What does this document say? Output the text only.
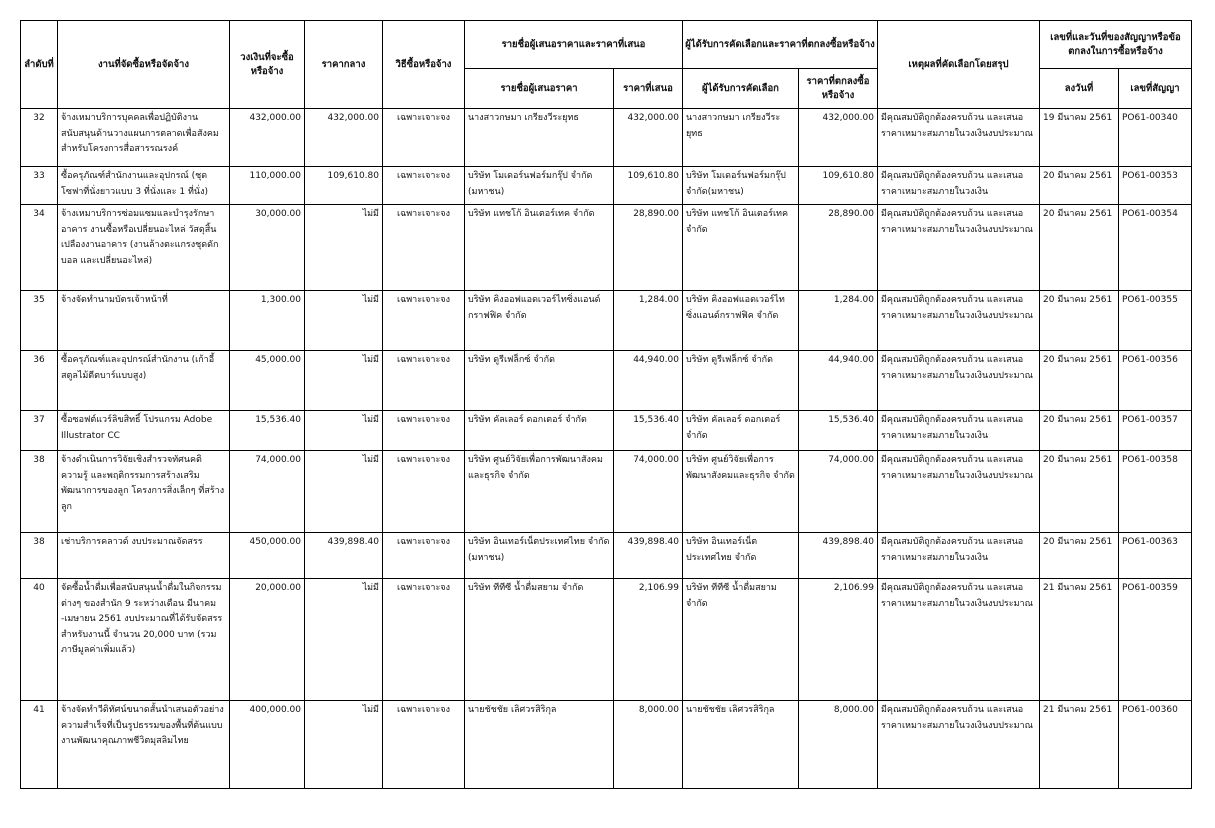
ลำดับที่	งานที่จัดซื้อหรือจัดจ้าง	วงเงินที่จะซื้อหรือจ้าง	ราคากลาง	วิธีซื้อหรือจ้าง	รายชื่อผู้เสนอราคาและราคาที่เสนอ		ผู้ได้รับการคัดเลือกและราคาที่ตกลงซื้อหรือจ้าง		เหตุผลที่คัดเลือกโดยสรุป	เลขที่และวันที่ของสัญญาหรือข้อตกลงในการซื้อหรือจ้าง	
					รายชื่อผู้เสนอราคา	ราคาที่เสนอ	ผู้ได้รับการคัดเลือก	ราคาที่ตกลงซื้อหรือจ้าง		ลงวันที่	เลขที่สัญญา
32	จ้างเหมาบริการบุคคลเพื่อปฏิบัติงานสนับสนุนด้านวางแผนการตลาดเพื่อสังคมสำหรับโครงการสื่อสารรณรงค์	432,000.00	432,000.00	เฉพาะเจาะจง	นางสาวกษมา เกรียงวีระยุทธ	432,000.00	นางสาวกษมา เกรียงวีระยุทธ	432,000.00	มีคุณสมบัติถูกต้องครบถ้วน และเสนอราคาเหมาะสมภายในวงเงินงบประมาณ	19 มีนาคม 2561	PO61-00340
33	ซื้อครุภัณฑ์สำนักงานและอุปกรณ์ (ชุดโซฟาที่นั่งยาวแบบ 3 ที่นั่งและ 1 ที่นั่ง)	110,000.00	109,610.80	เฉพาะเจาะจง	บริษัท โมเดอร์นฟอร์มกรุ๊ป จำกัด (มหาชน)	109,610.80	บริษัท โมเดอร์นฟอร์มกรุ๊ป จำกัด(มหาชน)	109,610.80	มีคุณสมบัติถูกต้องครบถ้วน และเสนอราคาเหมาะสมภายในวงเงิน	20 มีนาคม 2561	PO61-00353
34	จ้างเหมาบริการซ่อมแซมและบำรุงรักษาอาคาร งานซื้อหรือเปลี่ยนอะไหล่ วัสดุสิ้นเปลืองงานอาคาร (งานล้างตะแกรงชุดดักบอล และเปลี่ยนอะไหล่)	30,000.00	ไม่มี	เฉพาะเจาะจง	บริษัท แทชโก้ อินเตอร์เทค จำกัด	28,890.00	บริษัท แทชโก้ อินเตอร์เทค จำกัด	28,890.00	มีคุณสมบัติถูกต้องครบถ้วน และเสนอราคาเหมาะสมภายในวงเงินงบประมาณ	20 มีนาคม 2561	PO61-00354
35	จ้างจัดทำนามบัตรเจ้าหน้าที่	1,300.00	ไม่มี	เฉพาะเจาะจง	บริษัท คิงออฟแอดเวอร์ไทซิ่งแอนด์กราฟฟิค จำกัด	1,284.00	บริษัท คิงออฟแอดเวอร์ไทซิ่งแอนด์กราฟฟิค จำกัด	1,284.00	มีคุณสมบัติถูกต้องครบถ้วน และเสนอราคาเหมาะสมภายในวงเงินงบประมาณ	20 มีนาคม 2561	PO61-00355
36	ซื้อครุภัณฑ์และอุปกรณ์สำนักงาน (เก้าอี้สตูลไม้ตีตบาร์แบบสูง)	45,000.00	ไม่มี	เฉพาะเจาะจง	บริษัท ดูรีเฟล็กซ์ จำกัด	44,940.00	บริษัท ดูรีเฟล็กซ์ จำกัด	44,940.00	มีคุณสมบัติถูกต้องครบถ้วน และเสนอราคาเหมาะสมภายในวงเงินงบประมาณ	20 มีนาคม 2561	PO61-00356
37	ซื้อซอฟต์แวร์ลิขสิทธิ์ โปรแกรม Adobe Illustrator CC	15,536.40	ไม่มี	เฉพาะเจาะจง	บริษัท คัลเลอร์ ดอกเตอร์ จำกัด	15,536.40	บริษัท คัลเลอร์ ดอกเตอร์ จำกัด	15,536.40	มีคุณสมบัติถูกต้องครบถ้วน และเสนอราคาเหมาะสมภายในวงเงิน	20 มีนาคม 2561	PO61-00357
38	จ้างดำเนินการวิจัยเชิงสำรวจทัศนคติ ความรู้ และพฤติกรรมการสร้างเสริมพัฒนาการของลูก โครงการสิ่งเล็กๆ ที่สร้างลูก	74,000.00	ไม่มี	เฉพาะเจาะจง	บริษัท ศูนย์วิจัยเพื่อการพัฒนาสังคมและธุรกิจ จำกัด	74,000.00	บริษัท ศูนย์วิจัยเพื่อการพัฒนาสังคมและธุรกิจ จำกัด	74,000.00	มีคุณสมบัติถูกต้องครบถ้วน และเสนอราคาเหมาะสมภายในวงเงินงบประมาณ	20 มีนาคม 2561	PO61-00358
38	เช่าบริการคลาวด์ งบประมาณจัดสรร	450,000.00	439,898.40	เฉพาะเจาะจง	บริษัท อินเทอร์เน็ตประเทศไทย จำกัด (มหาชน)	439,898.40	บริษัท อินเทอร์เน็ตประเทศไทย จำกัด	439,898.40	มีคุณสมบัติถูกต้องครบถ้วน และเสนอราคาเหมาะสมภายในวงเงิน	20 มีนาคม 2561	PO61-00363
40	จัดซื้อน้ำดื่มเพื่อสนับสนุนน้ำดื่มในกิจกรรมต่างๆ ของสำนัก 9 ระหว่างเดือน มีนาคม -เมษายน 2561 งบประมาณที่ได้รับจัดสรรสำหรับงานนี้ จำนวน 20,000 บาท (รวมภาษีมูลค่าเพิ่มแล้ว)	20,000.00	ไม่มี	เฉพาะเจาะจง	บริษัท ทีทีซี น้ำดื่มสยาม จำกัด	2,106.99	บริษัท ทีทีซี น้ำดื่มสยาม จำกัด	2,106.99	มีคุณสมบัติถูกต้องครบถ้วน และเสนอราคาเหมาะสมภายในวงเงินงบประมาณ	21 มีนาคม 2561	PO61-00359
41	จ้างจัดทำวีดิทัศน์ขนาดสั้นนำเสนอตัวอย่างความสำเร็จที่เป็นรูปธรรมของพื้นที่ต้นแบบงานพัฒนาคุณภาพชีวิตมุสลิมไทย	400,000.00	ไม่มี	เฉพาะเจาะจง	นายชัชชัย เลิศวรสิริกุล	8,000.00	นายชัชชัย เลิศวรสิริกุล	8,000.00	มีคุณสมบัติถูกต้องครบถ้วน และเสนอราคาเหมาะสมภายในวงเงินงบประมาณ	21 มีนาคม 2561	PO61-00360
